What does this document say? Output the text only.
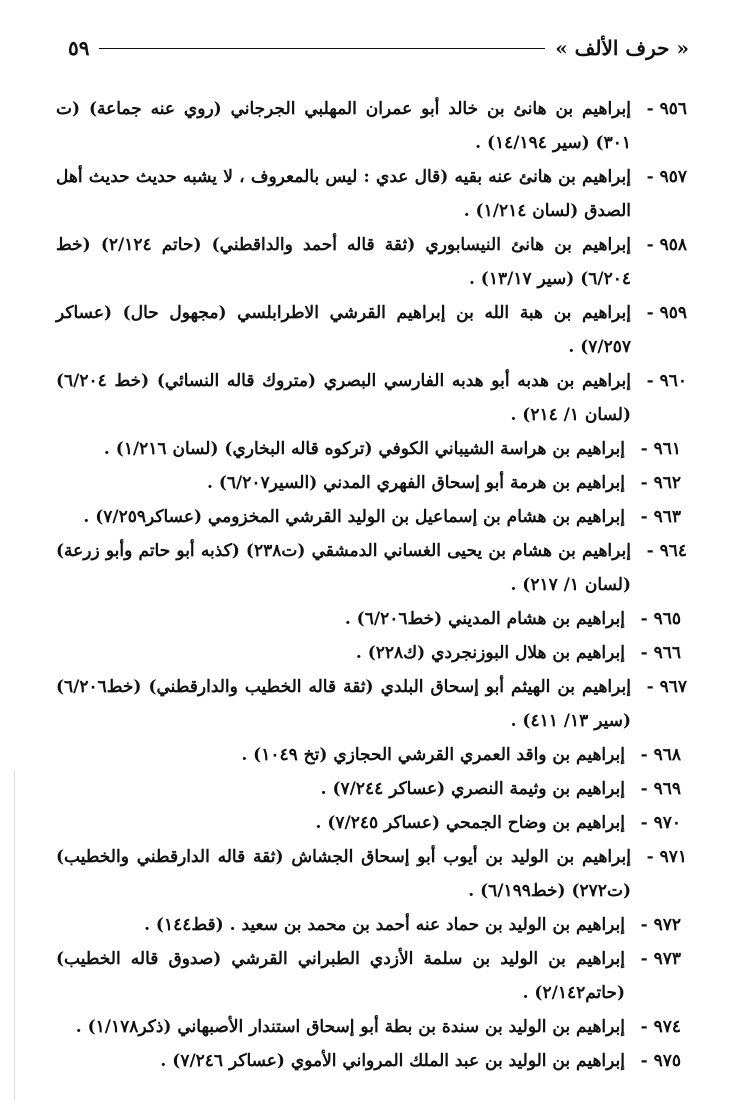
« حرف الألف »
٥٩
٩٥٦ -إبراهيم بن هانئ بن خالد أبو عمران المهلبي الجرجاني (روي عنه جماعة) (ت ٣٠١) (سير ١٤/١٩٤) .
٩٥٧ -إبراهيم بن هانئ عنه بقيه (قال عدي : ليس بالمعروف ، لا يشبه حديث حديث أهل الصدق (لسان ١/٢١٤) .
٩٥٨ -إبراهيم بن هانئ النيسابوري (ثقة قاله أحمد والداقطني) (حاتم ٢/١٢٤) (خط ٦/٢٠٤) (سير ١٣/١٧) .
٩٥٩ -إبراهيم بن هبة الله بن إبراهيم القرشي الاطرابلسي (مجهول حال) (عساكر ٧/٢٥٧) .
٩٦٠ -إبراهيم بن هدبه أبو هدبه الفارسي البصري (متروك قاله النسائي) (خط ٦/٢٠٤) (لسان ١/ ٢١٤) .
٩٦١ -إبراهيم بن هراسة الشيباني الكوفي (تركوه قاله البخاري) (لسان ١/٢١٦) .
٩٦٢ -إبراهيم بن هرمة أبو إسحاق الفهري المدني (السير٦/٢٠٧) .
٩٦٣ -إبراهيم بن هشام بن إسماعيل بن الوليد القرشي المخزومي (عساكر٧/٢٥٩) .
٩٦٤ -إبراهيم بن هشام بن يحيى الغساني الدمشقي (ت٢٣٨) (كذبه أبو حاتم وأبو زرعة) (لسان ١/ ٢١٧) .
٩٦٥ -إبراهيم بن هشام المديني (خط٦/٢٠٦) .
٩٦٦ -إبراهيم بن هلال البوزنجردي (ك٢٢٨) .
٩٦٧ -إبراهيم بن الهيثم أبو إسحاق البلدي (ثقة قاله الخطيب والدارقطني) (خط٦/٢٠٦) (سير ١٣/ ٤١١) .
٩٦٨ -إبراهيم بن واقد العمري القرشي الحجازي (تخ ١٠٤٩) .
٩٦٩ -إبراهيم بن وثيمة النصري (عساكر ٧/٢٤٤) .
٩٧٠ -إبراهيم بن وضاح الجمحي (عساكر ٧/٢٤٥) .
٩٧١ -إبراهيم بن الوليد بن أيوب أبو إسحاق الجشاش (ثقة قاله الدارقطني والخطيب) (ت٢٧٢) (خط٦/١٩٩) .
٩٧٢ -إبراهيم بن الوليد بن حماد عنه أحمد بن محمد بن سعيد . (قط١٤٤) .
٩٧٣ -إبراهيم بن الوليد بن سلمة الأزدي الطبراني القرشي (صدوق قاله الخطيب) (حاتم٢/١٤٢) .
٩٧٤ -إبراهيم بن الوليد بن سندة بن بطة أبو إسحاق استندار الأصبهاني (ذكر١/١٧٨) .
٩٧٥ -إبراهيم بن الوليد بن عبد الملك المرواني الأموي (عساكر ٧/٢٤٦) .
